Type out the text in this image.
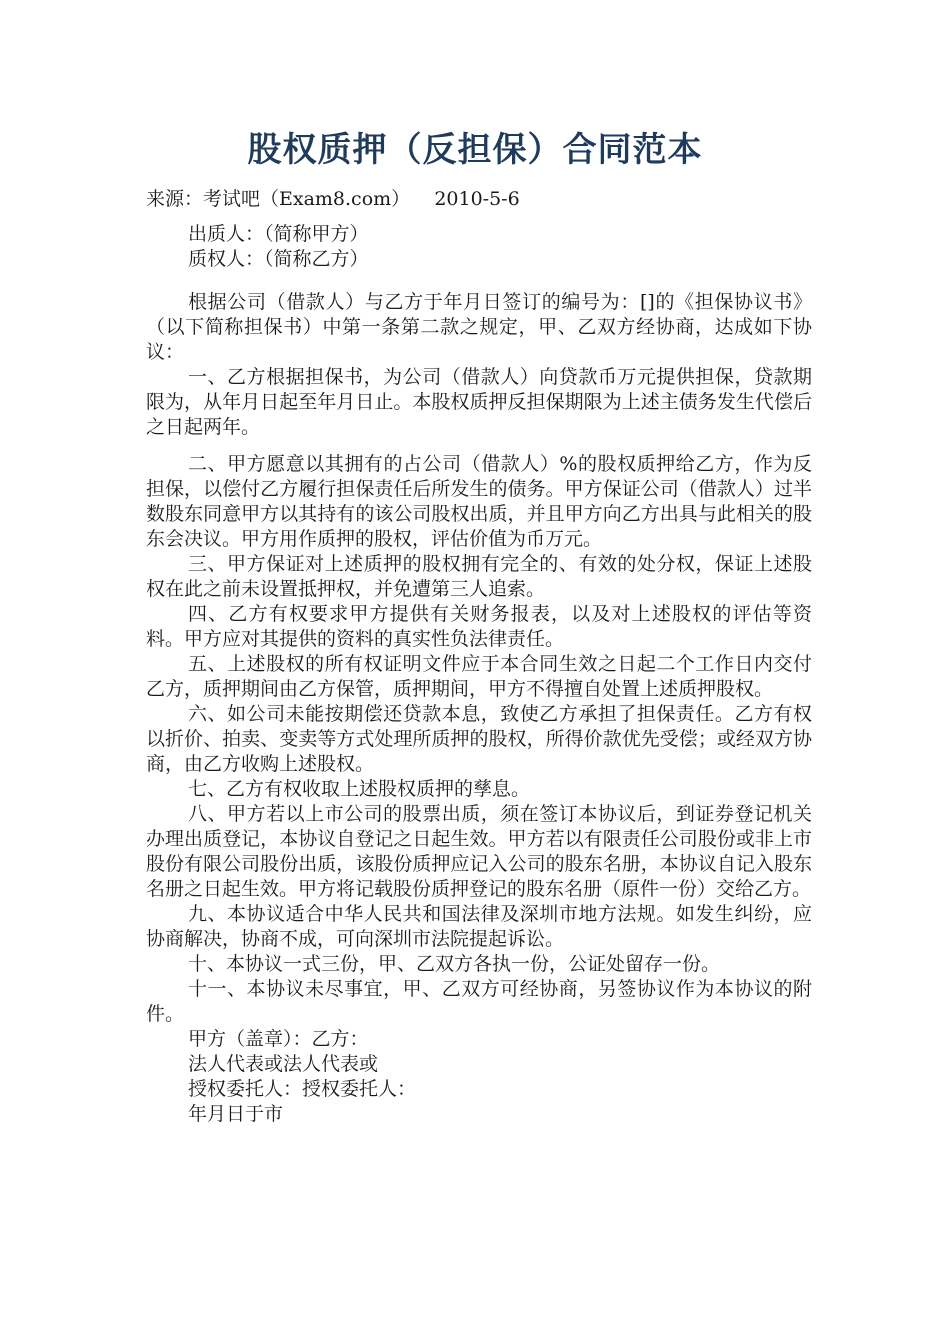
股权质押（反担保）合同范本
来源：考试吧（Exam8.com）    2010-5-6

出质人：（简称甲方）

质权人：（简称乙方）

根据公司（借款人）与乙方于年月日签订的编号为：[]的《担保协议书》（以下简称担保书）中第一条第二款之规定，甲、乙双方经协商，达成如下协议：

一、乙方根据担保书，为公司（借款人）向贷款币万元提供担保，贷款期限为，从年月日起至年月日止。本股权质押反担保期限为上述主债务发生代偿后之日起两年。

二、甲方愿意以其拥有的占公司（借款人）%的股权质押给乙方，作为反担保，以偿付乙方履行担保责任后所发生的债务。甲方保证公司（借款人）过半数股东同意甲方以其持有的该公司股权出质，并且甲方向乙方出具与此相关的股东会决议。甲方用作质押的股权，评估价值为币万元。

三、甲方保证对上述质押的股权拥有完全的、有效的处分权，保证上述股权在此之前未设置抵押权，并免遭第三人追索。

四、乙方有权要求甲方提供有关财务报表，以及对上述股权的评估等资料。甲方应对其提供的资料的真实性负法律责任。

五、上述股权的所有权证明文件应于本合同生效之日起二个工作日内交付乙方，质押期间由乙方保管，质押期间，甲方不得擅自处置上述质押股权。

六、如公司未能按期偿还贷款本息，致使乙方承担了担保责任。乙方有权以折价、拍卖、变卖等方式处理所质押的股权，所得价款优先受偿；或经双方协商，由乙方收购上述股权。

七、乙方有权收取上述股权质押的孳息。

八、甲方若以上市公司的股票出质，须在签订本协议后，到证券登记机关办理出质登记，本协议自登记之日起生效。甲方若以有限责任公司股份或非上市股份有限公司股份出质，该股份质押应记入公司的股东名册，本协议自记入股东名册之日起生效。甲方将记载股份质押登记的股东名册（原件一份）交给乙方。

九、本协议适合中华人民共和国法律及深圳市地方法规。如发生纠纷，应协商解决，协商不成，可向深圳市法院提起诉讼。

十、本协议一式三份，甲、乙双方各执一份，公证处留存一份。

十一、本协议未尽事宜，甲、乙双方可经协商，另签协议作为本协议的附件。

甲方（盖章）：乙方：

法人代表或法人代表或

授权委托人：授权委托人：

年月日于市
